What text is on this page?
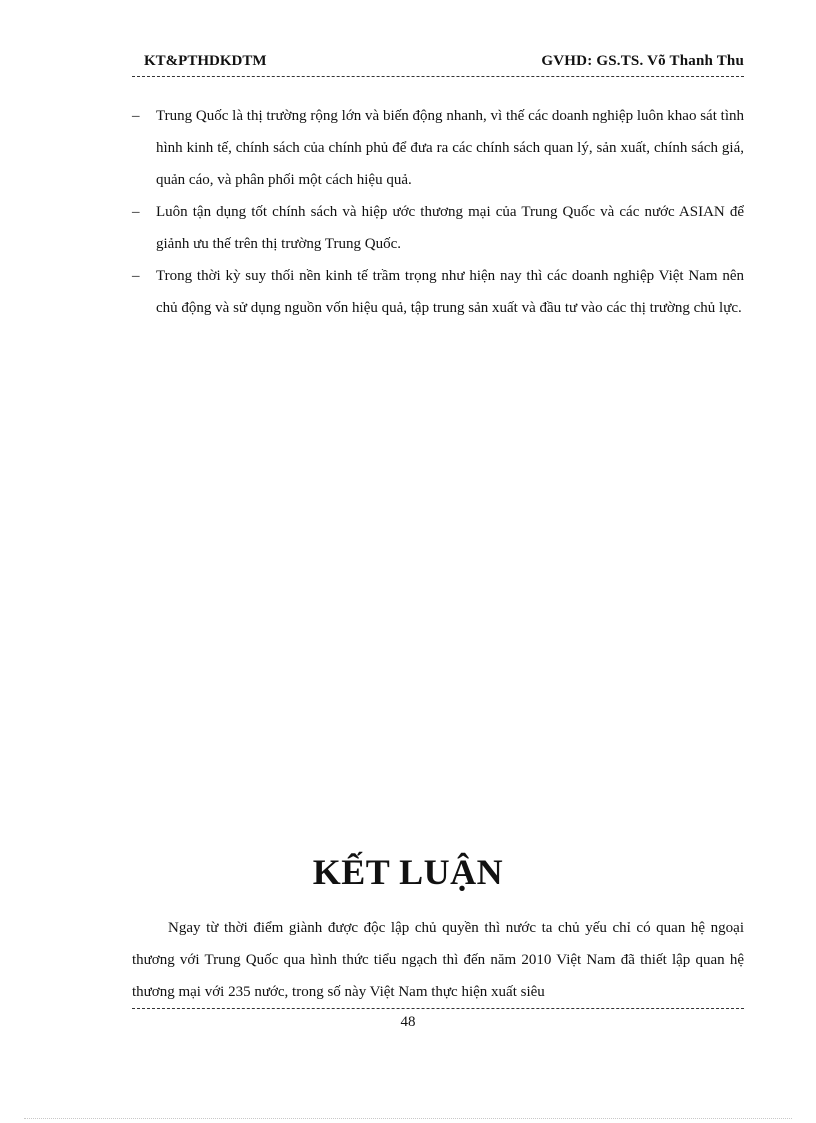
KT&PTHDKDTM	GVHD: GS.TS. Võ Thanh Thu
– Trung Quốc là thị trường rộng lớn và biến động nhanh, vì thế các doanh nghiệp luôn khao sát tình hình kinh tế, chính sách của chính phủ để đưa ra các chính sách quan lý, sản xuất, chính sách giá, quản cáo, và phân phối một cách hiệu quả.
– Luôn tận dụng tốt chính sách và hiệp ước thương mại của Trung Quốc và các nước ASIAN để giảnh ưu thế trên thị trường Trung Quốc.
– Trong thời kỳ suy thối nền kinh tế trầm trọng như hiện nay thì các doanh nghiệp Việt Nam nên chủ động và sử dụng nguồn vốn hiệu quả, tập trung sản xuất và đầu tư vào các thị trường chủ lực.
KẾT LUẬN

Ngay từ thời điểm giành được độc lập chủ quyền thì nước ta chủ yếu chỉ có quan hệ ngoại thương với Trung Quốc qua hình thức tiểu ngạch thì đến năm 2010 Việt Nam đã thiết lập quan hệ thương mại với 235 nước, trong số này Việt Nam thực hiện xuất siêu

48
